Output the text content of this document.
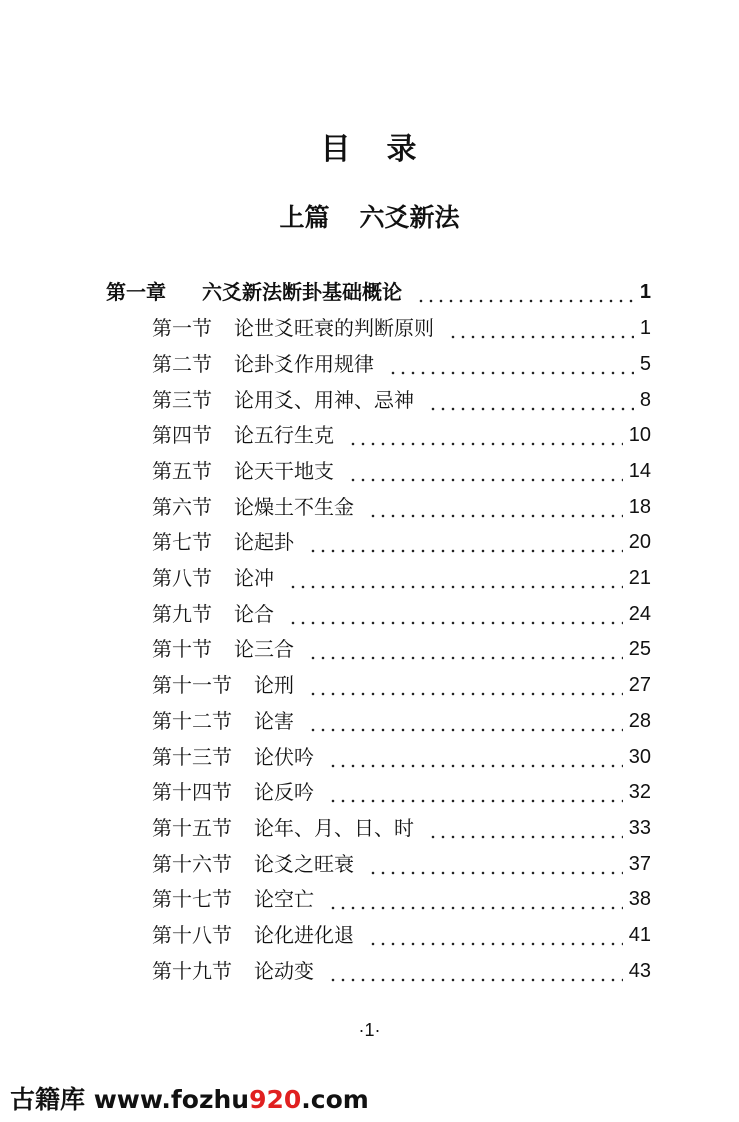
目 录
上篇 六爻新法
第一章 六爻新法断卦基础概论	1
第一节 论世爻旺衰的判断原则	1
第二节 论卦爻作用规律	5
第三节 论用爻、用神、忌神	8
第四节 论五行生克	10
第五节 论天干地支	14
第六节 论燥土不生金	18
第七节 论起卦	20
第八节 论冲	21
第九节 论合	24
第十节 论三合	25
第十一节 论刑	27
第十二节 论害	28
第十三节 论伏吟	30
第十四节 论反吟	32
第十五节 论年、月、日、时	33
第十六节 论爻之旺衰	37
第十七节 论空亡	38
第十八节 论化进化退	41
第十九节 论动变	43
·1·
古籍库 www.fozhu920.com
